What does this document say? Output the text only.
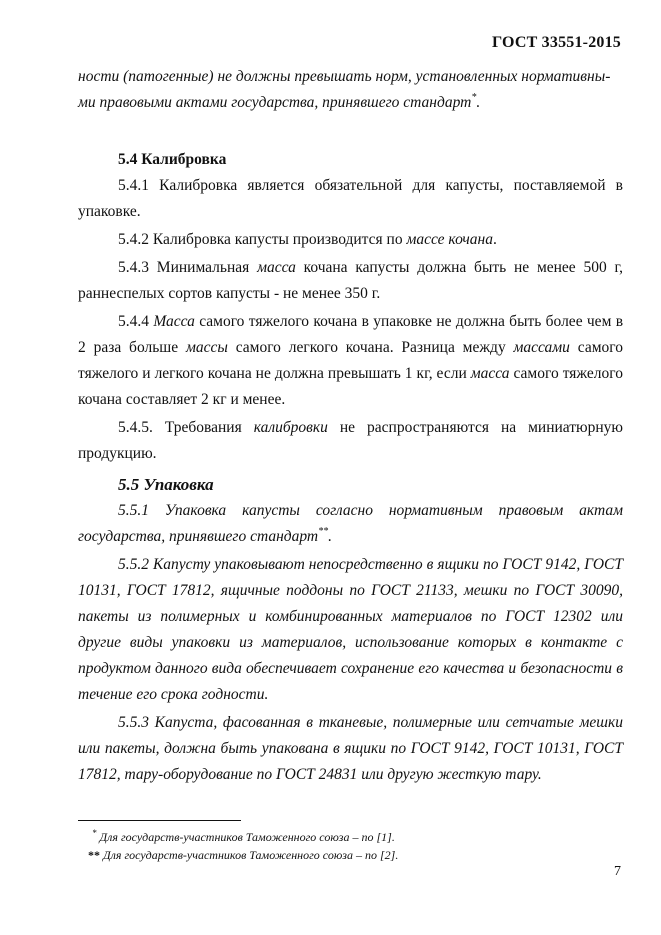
ГОСТ 33551-2015

ности (патогенные) не должны превышать норм, установленных нормативны-

ми правовыми актами государства, принявшего стандарт*.

5.4 Калибровка

5.4.1 Калибровка является обязательной для капусты, поставляемой в упаковке.

5.4.2 Калибровка капусты производится по массе кочана.

5.4.3 Минимальная масса кочана капусты должна быть не менее 500 г, раннеспелых сортов капусты - не менее 350 г.

5.4.4 Масса самого тяжелого кочана в упаковке не должна быть более чем в 2 раза больше массы самого легкого кочана. Разница между массами самого тяжелого и легкого кочана не должна превышать 1 кг, если масса самого тяжелого кочана составляет 2 кг и менее.

5.4.5. Требования калибровки не распространяются на миниатюрную продукцию.

5.5 Упаковка

5.5.1 Упаковка капусты согласно нормативным правовым актам государства, принявшего стандарт**.

5.5.2 Капусту упаковывают непосредственно в ящики по ГОСТ 9142, ГОСТ 10131, ГОСТ 17812, ящичные поддоны по ГОСТ 21133, мешки по ГОСТ 30090, пакеты из полимерных и комбинированных материалов по ГОСТ 12302 или другие виды упаковки из материалов, использование которых в контакте с продуктом данного вида обеспечивает сохранение его качества и безопасности в течение его срока годности.

5.5.3 Капуста, фасованная в тканевые, полимерные или сетчатые мешки или пакеты, должна быть упакована в ящики по ГОСТ 9142, ГОСТ 10131, ГОСТ 17812, тару-оборудование по ГОСТ 24831 или другую жесткую тару.

* Для государств-участников Таможенного союза – по [1].
** Для государств-участников Таможенного союза – по [2].
7
